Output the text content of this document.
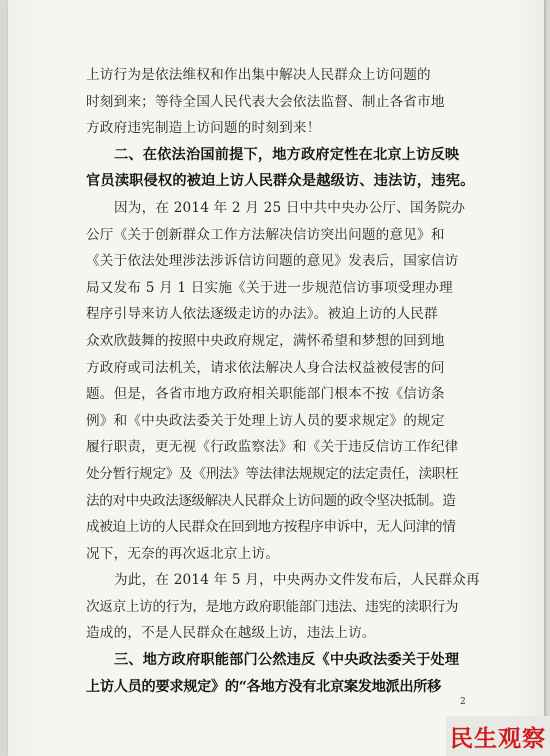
上访行为是依法维权和作出集中解决人民群众上访问题的
时刻到来；等待全国人民代表大会依法监督、制止各省市地
方政府违宪制造上访问题的时刻到来！
二、在依法治国前提下，地方政府定性在北京上访反映
官员渎职侵权的被迫上访人民群众是越级访、违法访，违宪。
因为，在 2014 年 2 月 25 日中共中央办公厅、国务院办
公厅《关于创新群众工作方法解决信访突出问题的意见》和
《关于依法处理涉法涉诉信访问题的意见》发表后，国家信访
局又发布 5 月 1 日实施《关于进一步规范信访事项受理办理
程序引导来访人依法逐级走访的办法》。被迫上访的人民群
众欢欣鼓舞的按照中央政府规定，满怀希望和梦想的回到地
方政府或司法机关，请求依法解决人身合法权益被侵害的问
题。但是，各省市地方政府相关职能部门根本不按《信访条
例》和《中央政法委关于处理上访人员的要求规定》的规定
履行职责，更无视《行政监察法》和《关于违反信访工作纪律
处分暂行规定》及《刑法》等法律法规规定的法定责任，渎职枉
法的对中央政法逐级解决人民群众上访问题的政令坚决抵制。造
成被迫上访的人民群众在回到地方按程序申诉中，无人问津的情
况下，无奈的再次返北京上访。
为此，在 2014 年 5 月，中央两办文件发布后，人民群众再
次返京上访的行为，是地方政府职能部门违法、违宪的渎职行为
造成的，不是人民群众在越级上访，违法上访。
三、地方政府职能部门公然违反《中央政法委关于处理
上访人员的要求规定》的“各地方没有北京案发地派出所移
2
民生观察
